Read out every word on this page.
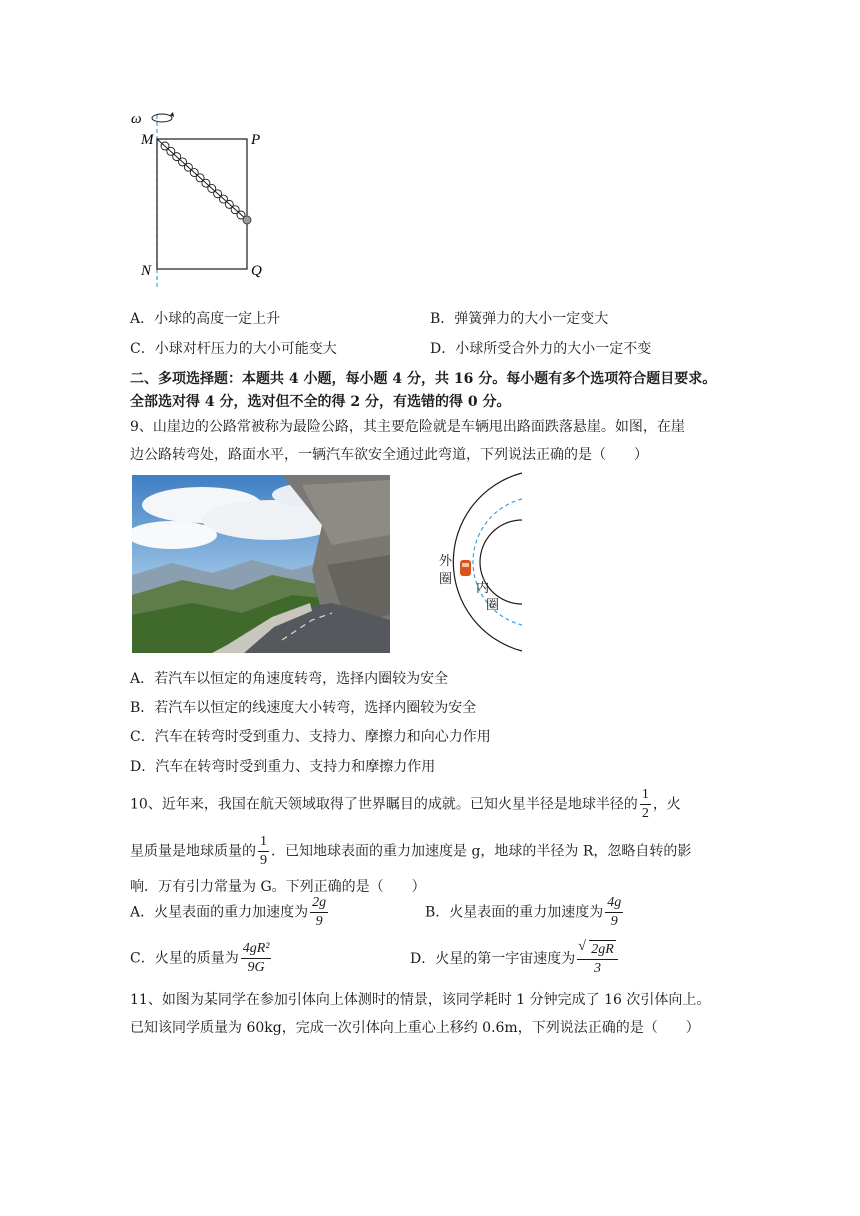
ω
M	P
N	Q
A．小球的高度一定上升	B．弹簧弹力的大小一定变大
C．小球对杆压力的大小可能变大	D．小球所受合外力的大小一定不变
二、多项选择题：本题共 4 小题，每小题 4 分，共 16 分。每小题有多个选项符合题目要求。
全部选对得 4 分，选对但不全的得 2 分，有选错的得 0 分。
9、山崖边的公路常被称为最险公路，其主要危险就是车辆甩出路面跌落悬崖。如图，在崖
边公路转弯处，路面水平，一辆汽车欲安全通过此弯道，下列说法正确的是（　　）
外
圈
内
圈
A．若汽车以恒定的角速度转弯，选择内圈较为安全
B．若汽车以恒定的线速度大小转弯，选择内圈较为安全
C．汽车在转弯时受到重力、支持力、摩擦力和向心力作用
D．汽车在转弯时受到重力、支持力和摩擦力作用
10、近年来，我国在航天领域取得了世界瞩目的成就。已知火星半径是地球半径的 $\frac{1}{2}$ ，火
星质量是地球质量的 $\frac{1}{9}$ ．已知地球表面的重力加速度是 g，地球的半径为 R，忽略自转的影
响．万有引力常量为 G。下列正确的是（　　）
A．火星表面的重力加速度为 $\frac{2g}{9}$	B．火星表面的重力加速度为 $\frac{4g}{9}$
C．火星的质量为 $\frac{\text{4gR²}}{9G}$	D．火星的第一宇宙速度为
√ $\frac{2gR}{3}$
11、如图为某同学在参加引体向上体测时的情景，该同学耗时 1 分钟完成了 16 次引体向上。
已知该同学质量为 60kg，完成一次引体向上重心上移约 0.6m，下列说法正确的是（　　）
